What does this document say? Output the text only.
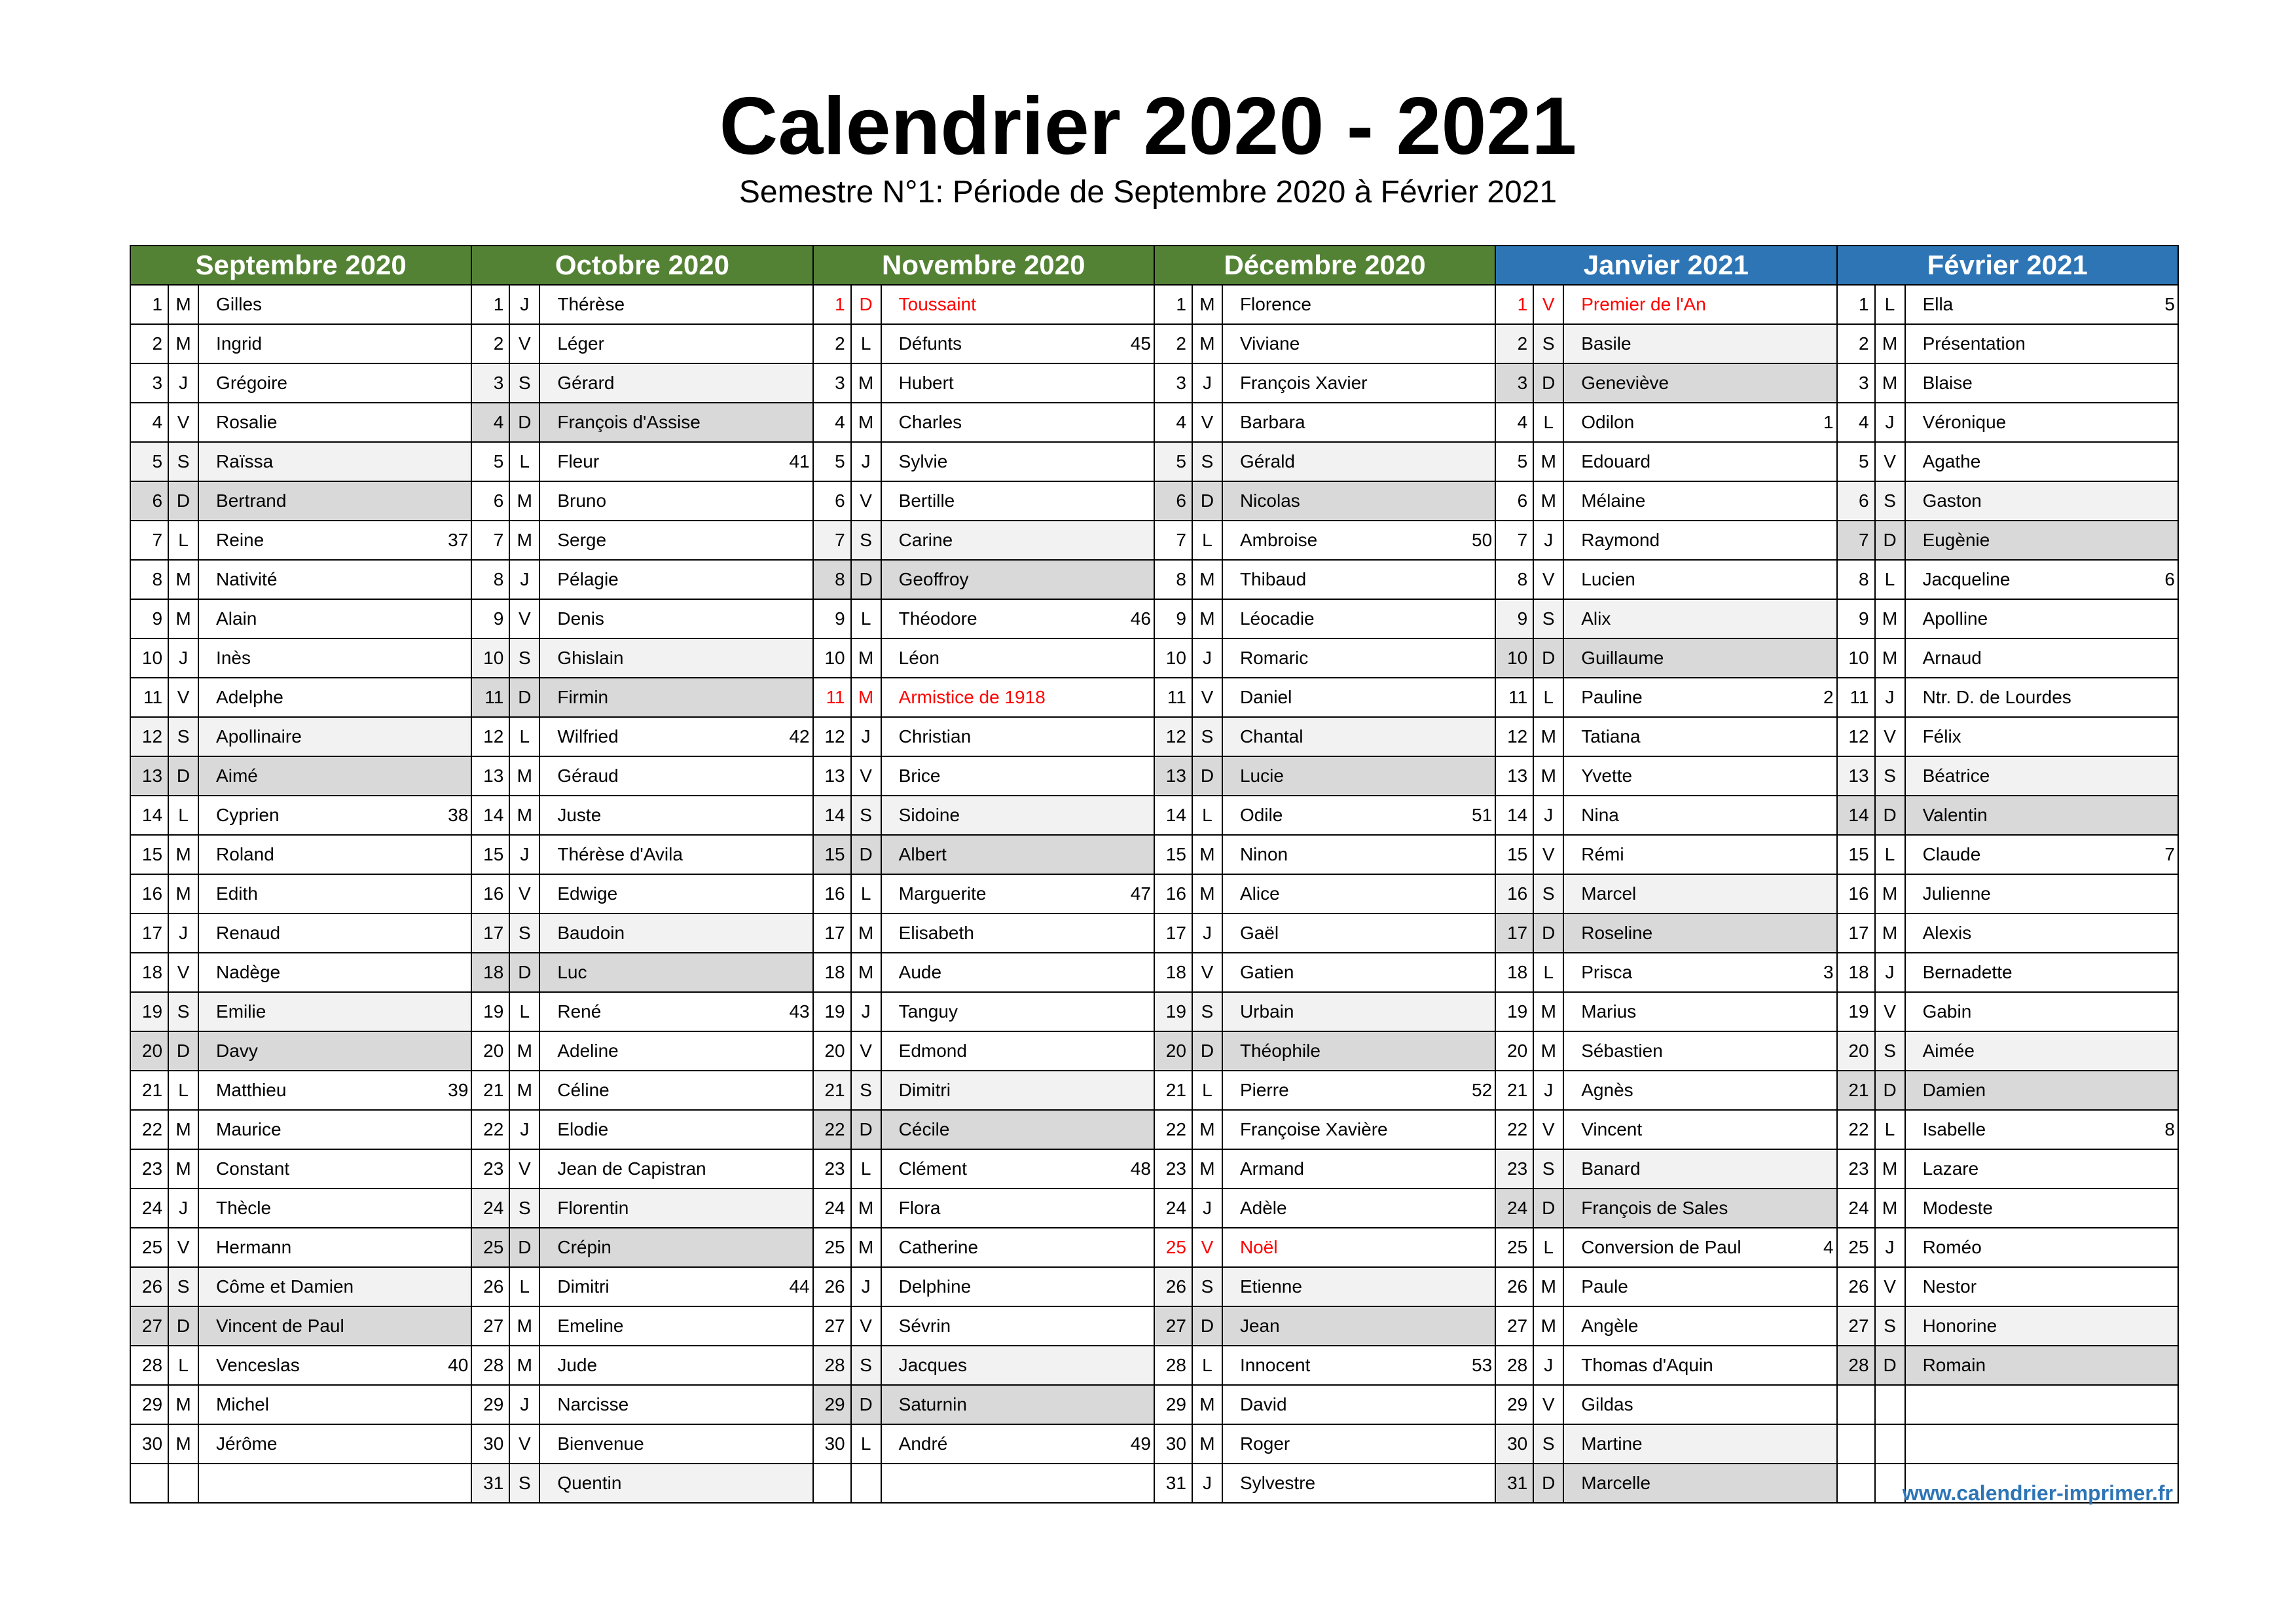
Calendrier 2020 - 2021
Semestre N°1: Période de Septembre 2020 à Février 2021
Septembre 2020			Octobre 2020			Novembre 2020			Décembre 2020			Janvier 2021			Février 2021		
1	M	Gilles	1	J	Thérèse	1	D	Toussaint	1	M	Florence	1	V	Premier de l'An	1	L	Ella 5

2	M	Ingrid	2	V	Léger	2	L	Défunts 45	2	M	Viviane	2	S	Basile	2	M	Présentation
3	J	Grégoire	3	S	Gérard	3	M	Hubert	3	J	François Xavier	3	D	Geneviève	3	M	Blaise
4	V	Rosalie	4	D	François d'Assise	4	M	Charles	4	V	Barbara	4	L	Odilon 1	4	J	Véronique
5	S	Raïssa	5	L	Fleur 41	5	J	Sylvie	5	S	Gérald	5	M	Edouard	5	V	Agathe
6	D	Bertrand	6	M	Bruno	6	V	Bertille	6	D	Nicolas	6	M	Mélaine	6	S	Gaston
7	L	Reine 37	7	M	Serge	7	S	Carine	7	L	Ambroise 50	7	J	Raymond	7	D	Eugènie
8	M	Nativité	8	J	Pélagie	8	D	Geoffroy	8	M	Thibaud	8	V	Lucien	8	L	Jacqueline 6

9	M	Alain	9	V	Denis	9	L	Théodore 46	9	M	Léocadie	9	S	Alix	9	M	Apolline
10	J	Inès	10	S	Ghislain	10	M	Léon	10	J	Romaric	10	D	Guillaume	10	M	Arnaud
11	V	Adelphe	11	D	Firmin	11	M	Armistice de 1918	11	V	Daniel	11	L	Pauline 2	11	J	Ntr. D. de Lourdes
12	S	Apollinaire	12	L	Wilfried 42	12	J	Christian	12	S	Chantal	12	M	Tatiana	12	V	Félix
13	D	Aimé	13	M	Géraud	13	V	Brice	13	D	Lucie	13	M	Yvette	13	S	Béatrice
14	L	Cyprien 38	14	M	Juste	14	S	Sidoine	14	L	Odile 51	14	J	Nina	14	D	Valentin
15	M	Roland	15	J	Thérèse d'Avila	15	D	Albert	15	M	Ninon	15	V	Rémi	15	L	Claude 7

16	M	Edith	16	V	Edwige	16	L	Marguerite 47	16	M	Alice	16	S	Marcel	16	M	Julienne
17	J	Renaud	17	S	Baudoin	17	M	Elisabeth	17	J	Gaël	17	D	Roseline	17	M	Alexis
18	V	Nadège	18	D	Luc	18	M	Aude	18	V	Gatien	18	L	Prisca 3	18	J	Bernadette
19	S	Emilie	19	L	René 43	19	J	Tanguy	19	S	Urbain	19	M	Marius	19	V	Gabin
20	D	Davy	20	M	Adeline	20	V	Edmond	20	D	Théophile	20	M	Sébastien	20	S	Aimée
21	L	Matthieu 39	21	M	Céline	21	S	Dimitri	21	L	Pierre 52	21	J	Agnès	21	D	Damien
22	M	Maurice	22	J	Elodie	22	D	Cécile	22	M	Françoise Xavière	22	V	Vincent	22	L	Isabelle 8

23	M	Constant	23	V	Jean de Capistran	23	L	Clément 48	23	M	Armand	23	S	Banard	23	M	Lazare
24	J	Thècle	24	S	Florentin	24	M	Flora	24	J	Adèle	24	D	François de Sales	24	M	Modeste
25	V	Hermann	25	D	Crépin	25	M	Catherine	25	V	Noël	25	L	Conversion de Paul 4	25	J	Roméo
26	S	Côme et Damien	26	L	Dimitri 44	26	J	Delphine	26	S	Etienne	26	M	Paule	26	V	Nestor
27	D	Vincent de Paul	27	M	Emeline	27	V	Sévrin	27	D	Jean	27	M	Angèle	27	S	Honorine
28	L	Venceslas 40	28	M	Jude	28	S	Jacques	28	L	Innocent 53	28	J	Thomas d'Aquin	28	D	Romain
29	M	Michel	29	J	Narcisse	29	D	Saturnin	29	M	David	29	V	Gildas			
30	M	Jérôme	30	V	Bienvenue	30	L	André 49	30	M	Roger	30	S	Martine			
			31	S	Quentin				31	J	Sylvestre	31	D	Marcelle				www.calendrier-imprimer.fr
